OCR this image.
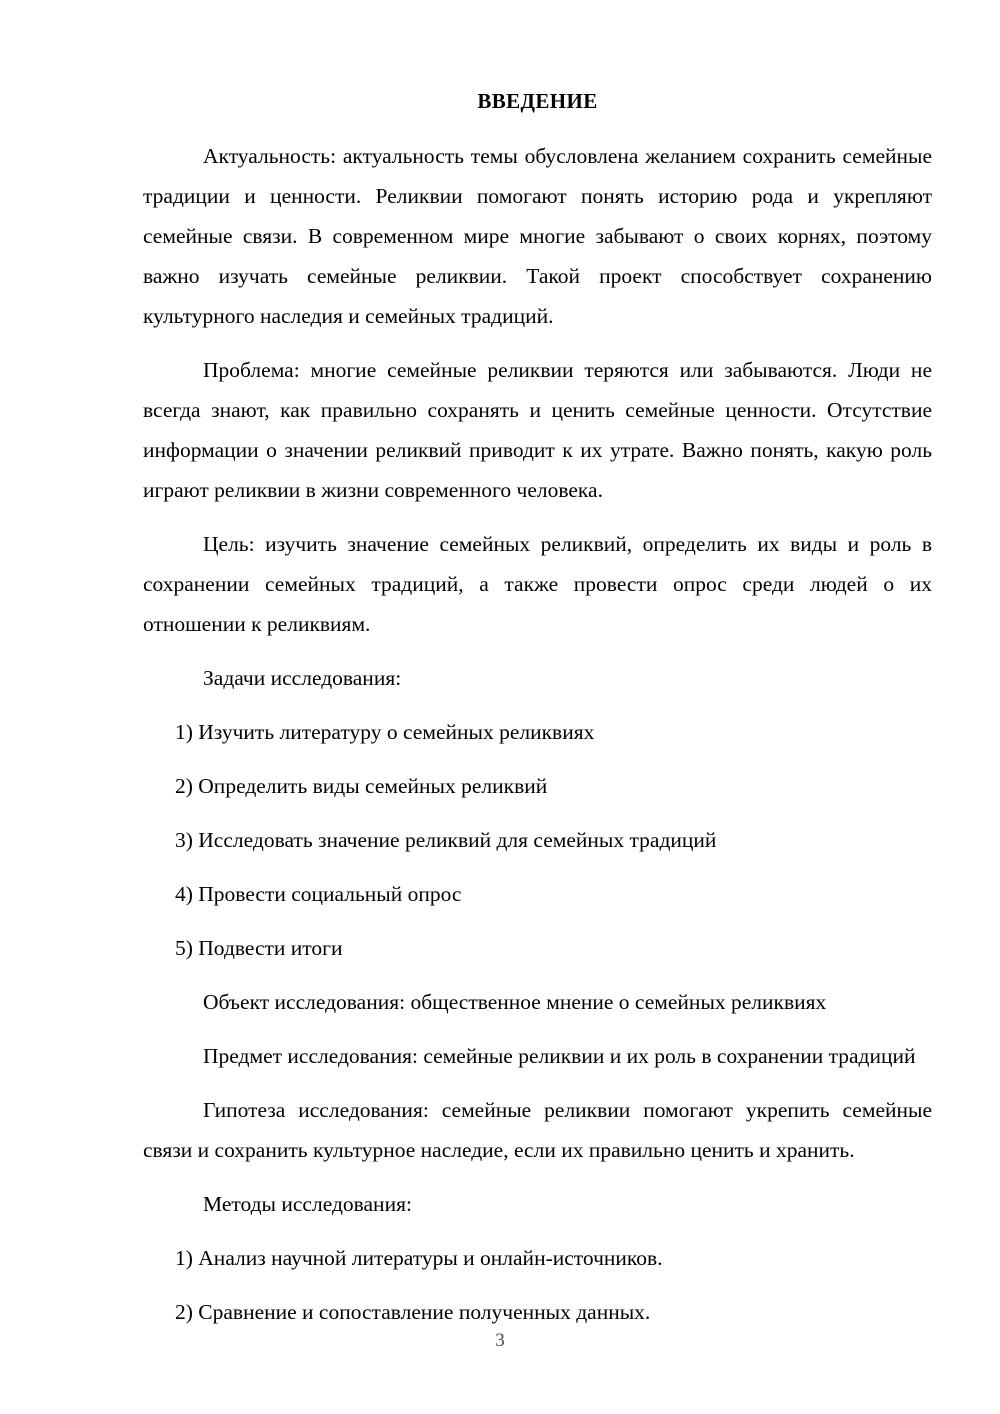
ВВЕДЕНИЕ

Актуальность: актуальность темы обусловлена желанием сохранить семейные традиции и ценности. Реликвии помогают понять историю рода и укрепляют семейные связи. В современном мире многие забывают о своих корнях, поэтому важно изучать семейные реликвии. Такой проект способствует сохранению культурного наследия и семейных традиций.

Проблема: многие семейные реликвии теряются или забываются. Люди не всегда знают, как правильно сохранять и ценить семейные ценности. Отсутствие информации о значении реликвий приводит к их утрате. Важно понять, какую роль играют реликвии в жизни современного человека.

Цель: изучить значение семейных реликвий, определить их виды и роль в сохранении семейных традиций, а также провести опрос среди людей о их отношении к реликвиям.

Задачи исследования:

1) Изучить литературу о семейных реликвиях
2) Определить виды семейных реликвий
3) Исследовать значение реликвий для семейных традиций
4) Провести социальный опрос
5) Подвести итоги

Объект исследования: общественное мнение о семейных реликвиях

Предмет исследования: семейные реликвии и их роль в сохранении традиций

Гипотеза исследования: семейные реликвии помогают укрепить семейные связи и сохранить культурное наследие, если их правильно ценить и хранить.

Методы исследования:

1) Анализ научной литературы и онлайн-источников.
2) Сравнение и сопоставление полученных данных.
3
